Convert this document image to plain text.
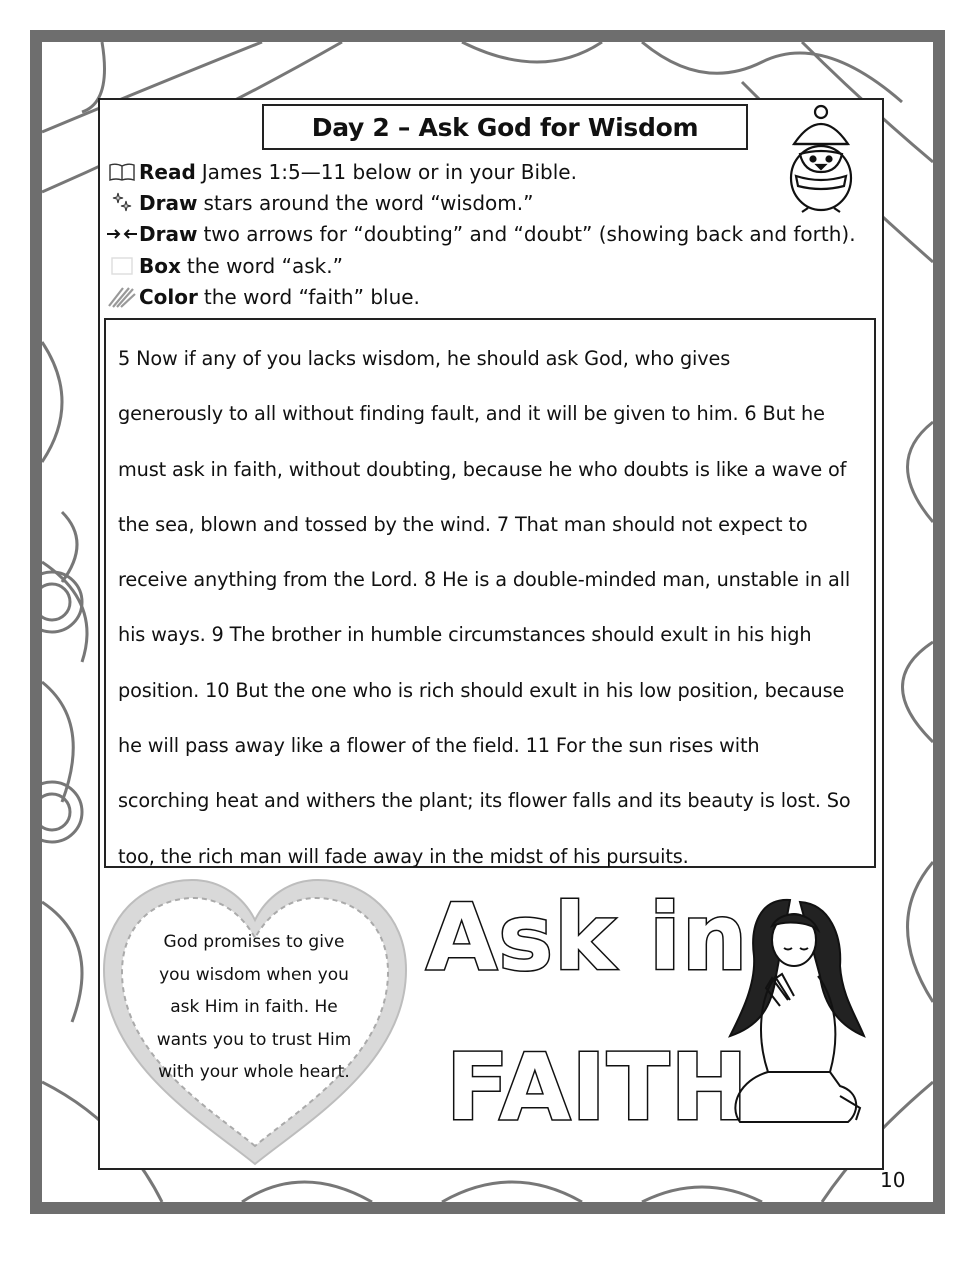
Day 2 – Ask God for Wisdom
Read James 1:5—11 below or in your Bible.
Draw stars around the word “wisdom.”
Draw two arrows for “doubting” and “doubt” (showing back and forth).
Box the word “ask.”
Color the word “faith” blue.
5 Now if any of you lacks wisdom, he should ask God, who gives
generously to all without finding fault, and it will be given to him. 6 But he
must ask in faith, without doubting, because he who doubts is like a wave of
the sea, blown and tossed by the wind. 7 That man should not expect to
receive anything from the Lord. 8 He is a double-minded man, unstable in all
his ways. 9 The brother in humble circumstances should exult in his high
position. 10 But the one who is rich should exult in his low position, because
he will pass away like a flower of the field. 11 For the sun rises with
scorching heat and withers the plant; its flower falls and its beauty is lost. So
too, the rich man will fade away in the midst of his pursuits.
God promises to give
you wisdom when you
ask Him in faith. He
wants you to trust Him
with your whole heart.
Ask in
FAITH
10
